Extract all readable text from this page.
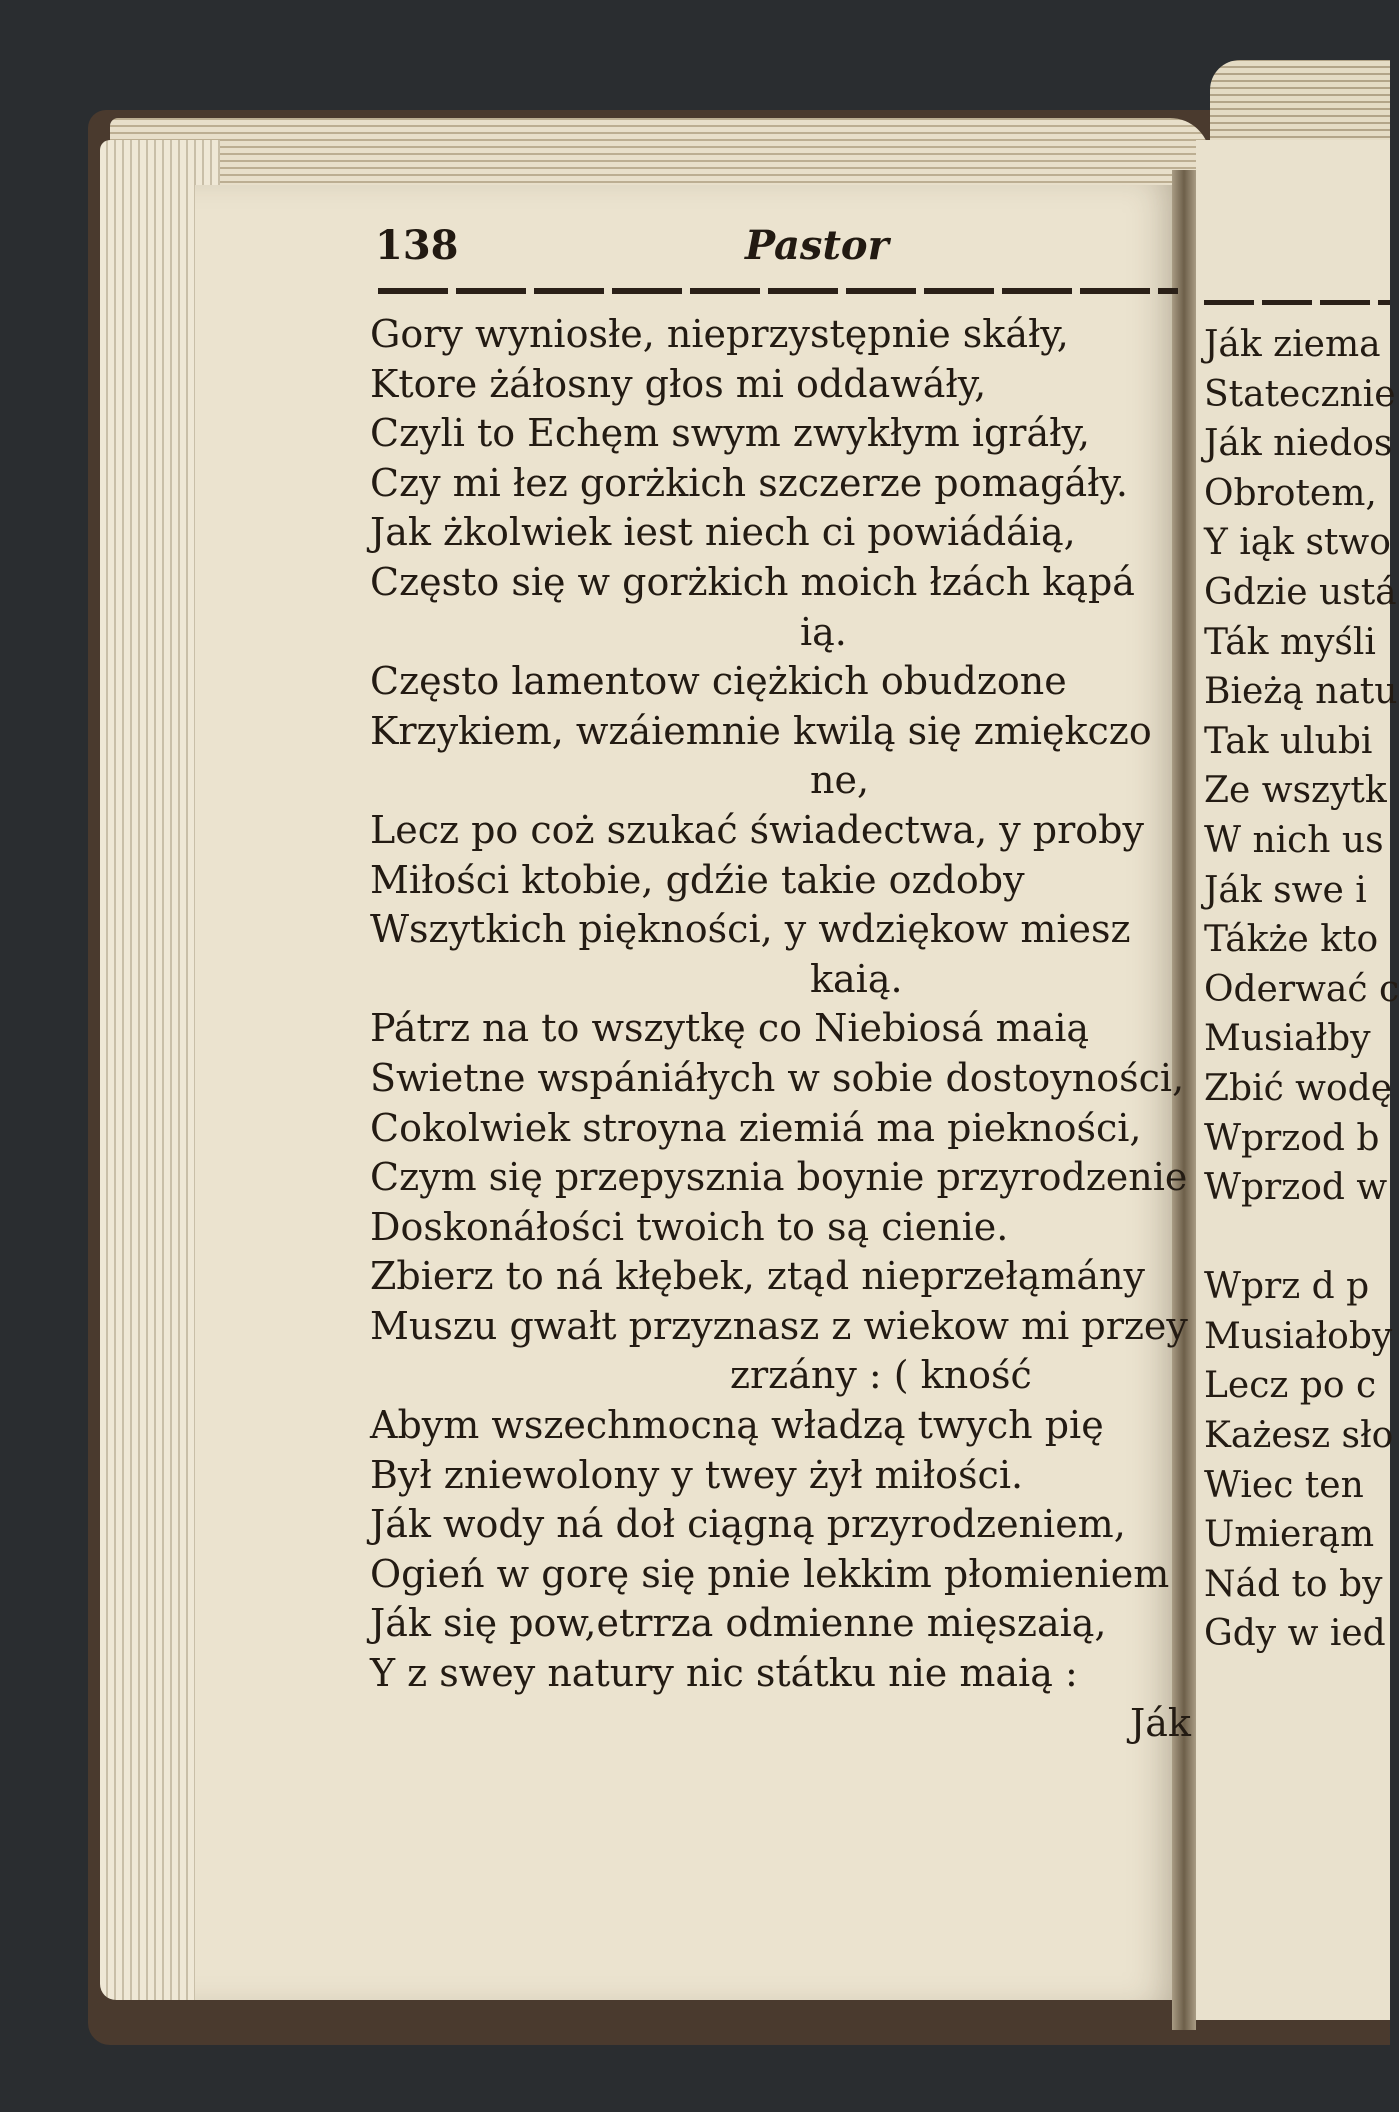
138	Pastor
Gory wyniosłe, nieprzystępnie skáły,
Ktore żáłosny głos mi oddawáły,
Czyli to Echęm swym zwykłym igráły,
Czy mi łez gorżkich szczerze pomagáły.
Jak żkolwiek iest niech ci powiádáią,
Często się w gorżkich moich łzách kąpá
ią.
Często lamentow ciężkich obudzone
Krzykiem, wzáiemnie kwilą się zmiękczo
ne,
Lecz po coż szukać świadectwa, y proby
Miłości ktobie, gdźie takie ozdoby
Wszytkich piękności, y wdziękow miesz
kaią.
Pátrz na to wszytkę co Niebiosá maią
Swietne wspániáłych w sobie dostoyności,
Cokolwiek stroyna ziemiá ma piekności,
Czym się przepysznia boynie przyrodzenie
Doskonáłości twoich to są cienie.
Zbierz to ná kłębek, ztąd nieprzełąmány
Muszu gwałt przyznasz z wiekow mi przey
zrzány : ( kność
Abym wszechmocną władzą twych pię
Był zniewolony y twey żył miłości.
Ják wody ná doł ciągną przyrodzeniem,
Ogień w gorę się pnie lekkim płomieniem
Ják się pow,etrrza odmienne mięszaią,
Y z swey natury nic státku nie maią :
Ják
Ják ziema
Statecznie
Ják niedos
Obrotem,
Y iąk stwo
Gdzie ustá
Ták myśli
Bieżą natu
Tak ulubi
Ze wszytk
W nich us
Ják swe i
Tákże kto
Oderwać c
Musiałby
Zbić wodę
Wprzod b
Wprzod w
Wprz d p
Musiałoby
Lecz po c
Każesz sło
Wiec ten
Umierąm
Nád to by
Gdy w ied
